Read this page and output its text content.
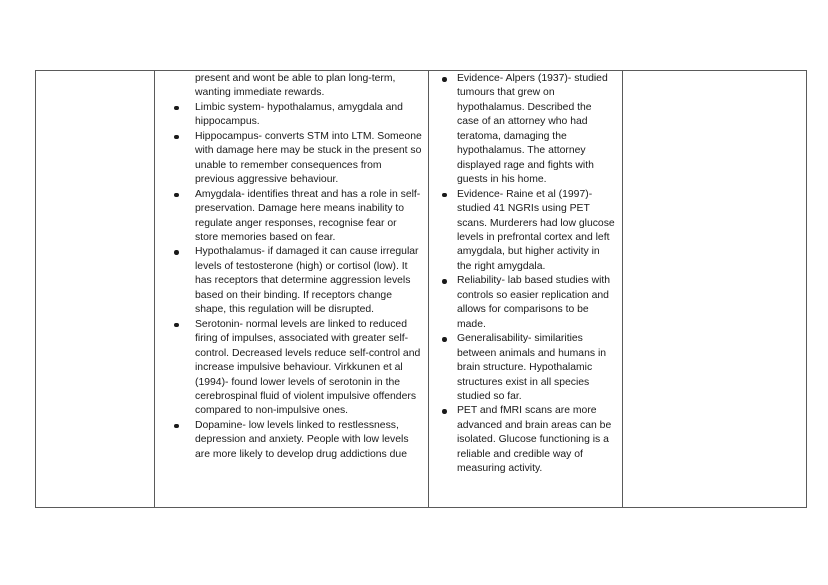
present and wont be able to plan long-term, wanting immediate rewards.

Limbic system- hypothalamus, amygdala and hippocampus.
Hippocampus- converts STM into LTM. Someone with damage here may be stuck in the present so unable to remember consequences from previous aggressive behaviour.
Amygdala- identifies threat and has a role in self-preservation. Damage here means inability to regulate anger responses, recognise fear or store memories based on fear.
Hypothalamus- if damaged it can cause irregular levels of testosterone (high) or cortisol (low). It has receptors that determine aggression levels based on their binding. If receptors change shape, this regulation will be disrupted.
Serotonin- normal levels are linked to reduced firing of impulses, associated with greater self-control. Decreased levels reduce self-control and increase impulsive behaviour. Virkkunen et al (1994)- found lower levels of serotonin in the cerebrospinal fluid of violent impulsive offenders compared to non-impulsive ones.
Dopamine- low levels linked to restlessness, depression and anxiety. People with low levels are more likely to develop drug addictions due

Evidence- Alpers (1937)- studied tumours that grew on hypothalamus. Described the case of an attorney who had teratoma, damaging the hypothalamus. The attorney displayed rage and fights with guests in his home.
Evidence- Raine et al (1997)- studied 41 NGRIs using PET scans. Murderers had low glucose levels in prefrontal cortex and left amygdala, but higher activity in the right amygdala.
Reliability- lab based studies with controls so easier replication and allows for comparisons to be made.
Generalisability- similarities between animals and humans in brain structure. Hypothalamic structures exist in all species studied so far.
PET and fMRI scans are more advanced and brain areas can be isolated. Glucose functioning is a reliable and credible way of measuring activity.
